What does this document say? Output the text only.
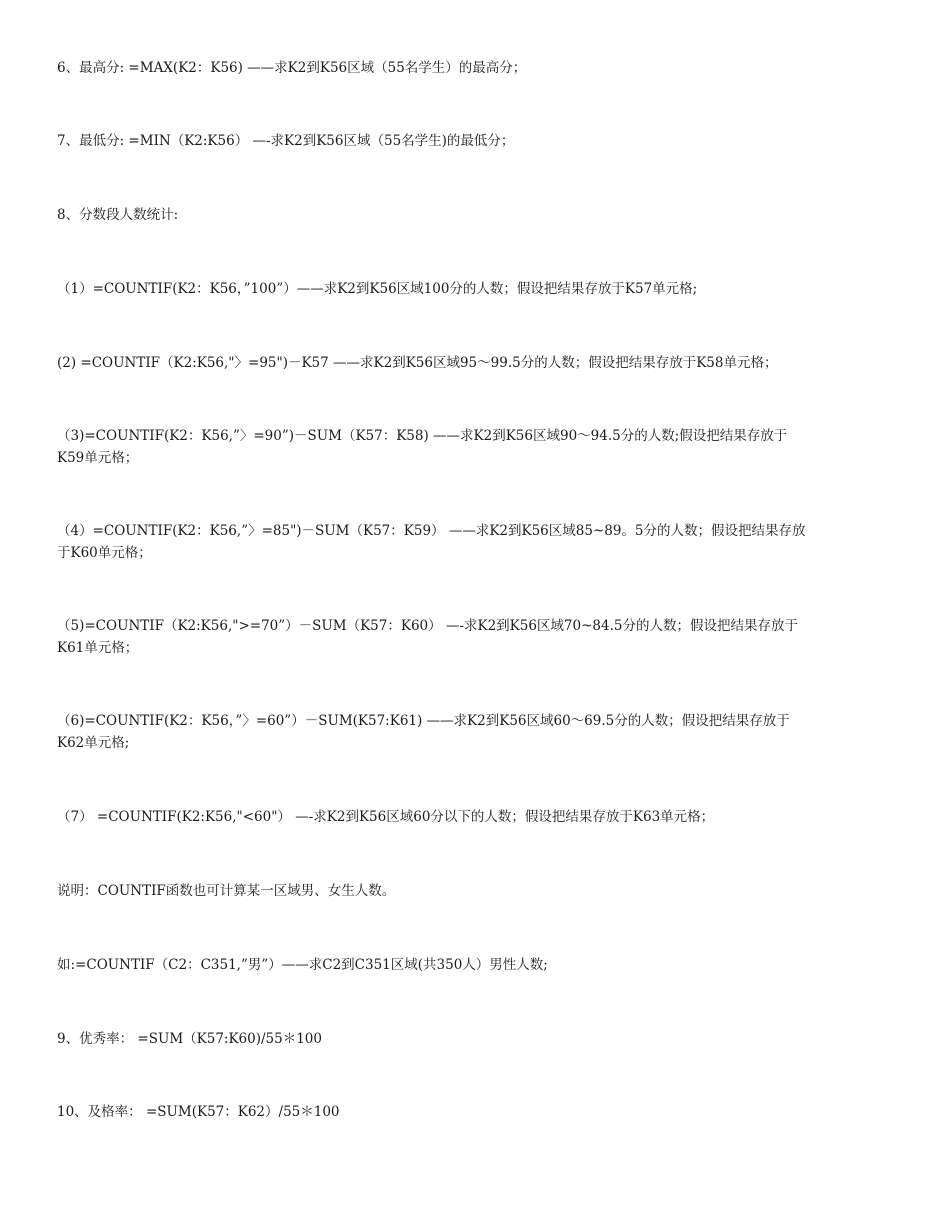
6、最高分: =MAX(K2：K56) ——求K2到K56区域（55名学生）的最高分；
7、最低分: =MIN（K2:K56） —-求K2到K56区域（55名学生)的最低分；
8、分数段人数统计:
（1）=COUNTIF(K2：K56，”100”）——求K2到K56区域100分的人数；假设把结果存放于K57单元格;
(2) =COUNTIF（K2:K56,"〉=95")－K57 ——求K2到K56区域95～99.5分的人数；假设把结果存放于K58单元格；
（3)=COUNTIF(K2：K56,”〉=90”)－SUM（K57：K58) ——求K2到K56区域90～94.5分的人数;假设把结果存放于
K59单元格；
（4）=COUNTIF(K2：K56,”〉=85")－SUM（K57：K59） ——求K2到K56区域85~89。5分的人数；假设把结果存放
于K60单元格；
（5)=COUNTIF（K2:K56,">=70”）－SUM（K57：K60） —-求K2到K56区域70~84.5分的人数；假设把结果存放于
K61单元格；
（6)=COUNTIF(K2：K56，”〉=60”）－SUM(K57:K61) ——求K2到K56区域60～69.5分的人数；假设把结果存放于
K62单元格;
（7） =COUNTIF(K2:K56,"<60"） —-求K2到K56区域60分以下的人数；假设把结果存放于K63单元格；
说明：COUNTIF函数也可计算某一区域男、女生人数。
如:=COUNTIF（C2：C351,”男”）——求C2到C351区域(共350人）男性人数;
9、优秀率： =SUM（K57:K60)/55＊100
10、及格率： =SUM(K57：K62）/55＊100
